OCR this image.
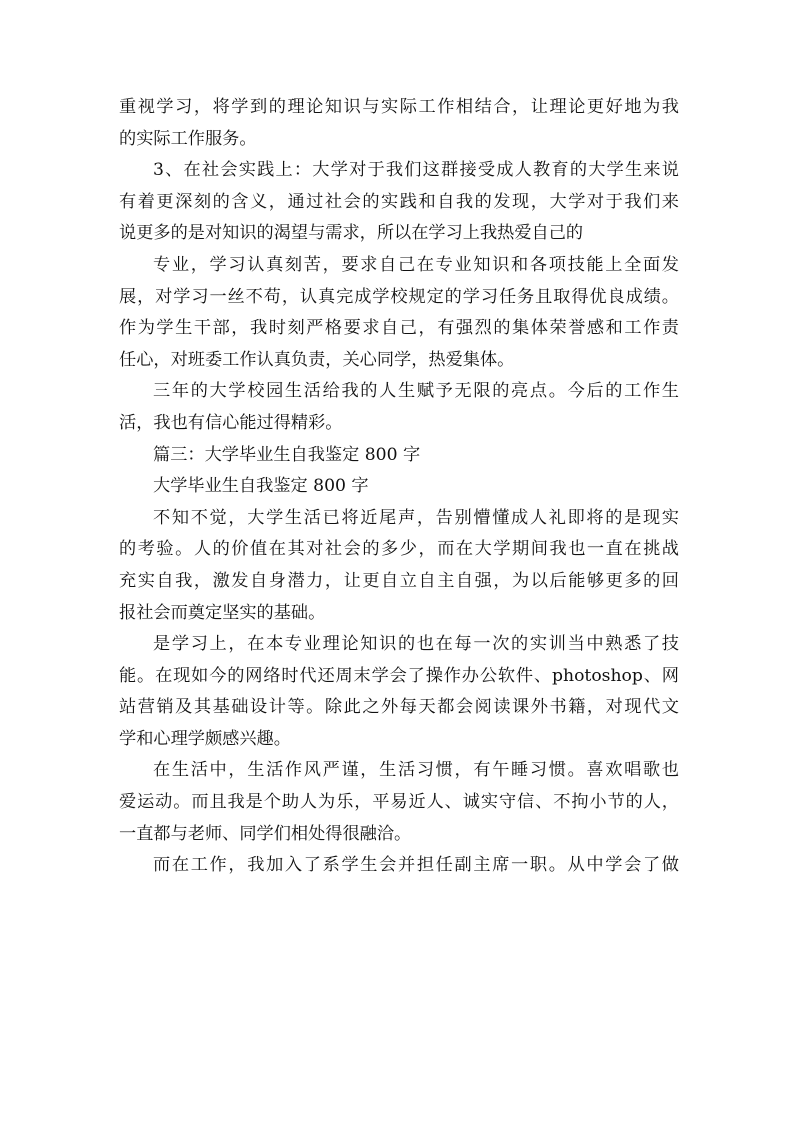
重视学习，将学到的理论知识与实际工作相结合，让理论更好地为我
的实际工作服务。
3、在社会实践上：大学对于我们这群接受成人教育的大学生来说
有着更深刻的含义，通过社会的实践和自我的发现，大学对于我们来
说更多的是对知识的渴望与需求，所以在学习上我热爱自己的
专业，学习认真刻苦，要求自己在专业知识和各项技能上全面发
展，对学习一丝不苟，认真完成学校规定的学习任务且取得优良成绩。
作为学生干部，我时刻严格要求自己，有强烈的集体荣誉感和工作责
任心，对班委工作认真负责，关心同学，热爱集体。
三年的大学校园生活给我的人生赋予无限的亮点。今后的工作生
活，我也有信心能过得精彩。
篇三：大学毕业生自我鉴定 800 字
大学毕业生自我鉴定 800 字
不知不觉，大学生活已将近尾声，告别懵懂成人礼即将的是现实
的考验。人的价值在其对社会的多少，而在大学期间我也一直在挑战
充实自我，激发自身潜力，让更自立自主自强，为以后能够更多的回
报社会而奠定坚实的基础。
是学习上，在本专业理论知识的也在每一次的实训当中熟悉了技
能。在现如今的网络时代还周末学会了操作办公软件、photoshop、网
站营销及其基础设计等。除此之外每天都会阅读课外书籍，对现代文
学和心理学颇感兴趣。
在生活中，生活作风严谨，生活习惯，有午睡习惯。喜欢唱歌也
爱运动。而且我是个助人为乐，平易近人、诚实守信、不拘小节的人，
一直都与老师、同学们相处得很融洽。
而在工作，我加入了系学生会并担任副主席一职。从中学会了做
